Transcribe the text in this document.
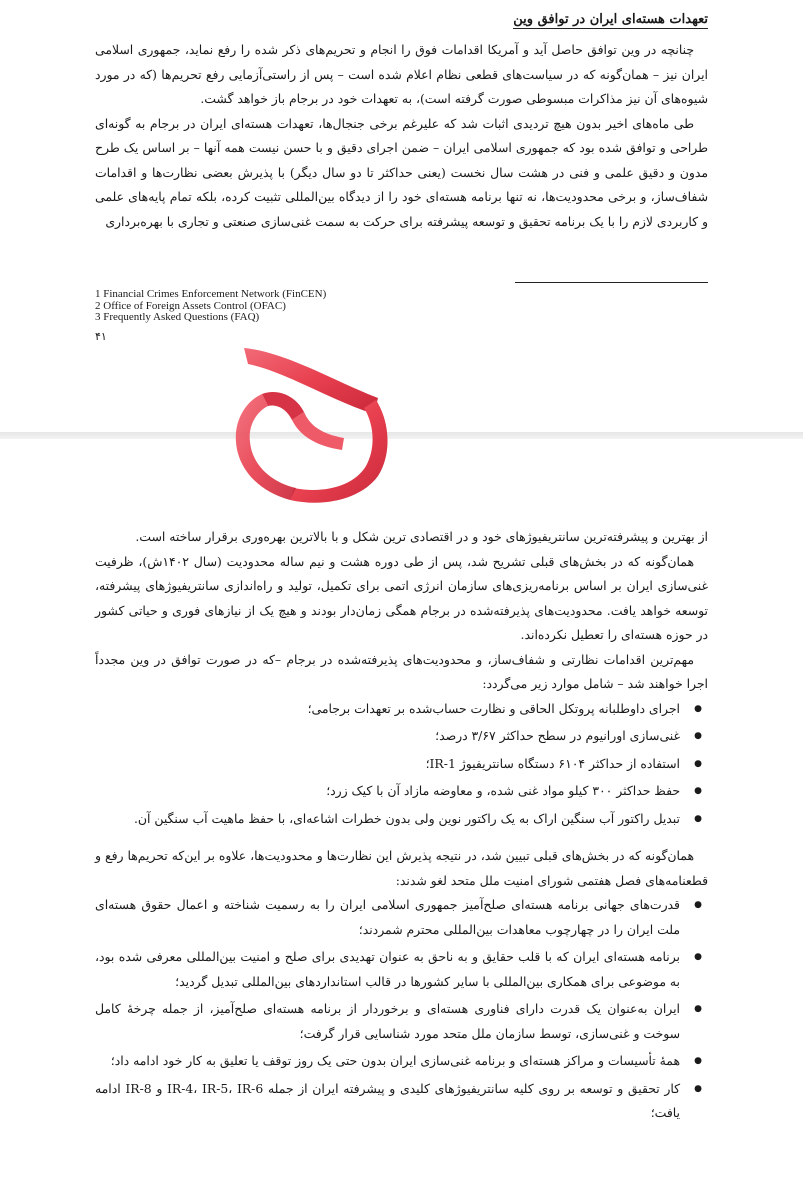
تعهدات هسته‌ای ایران در توافق وین

چنانچه در وین توافق حاصل آید و آمریکا اقدامات فوق را انجام و تحریم‌های ذکر شده را رفع نماید، جمهوری اسلامی ایران نیز – همان‌گونه که در سیاست‌های قطعی نظام اعلام شده است – پس از راستی‌آزمایی رفع تحریم‌ها (که در مورد شیوه‌های آن نیز مذاکرات مبسوطی صورت گرفته است)، به تعهدات خود در برجام باز خواهد گشت.

طی ماه‌های اخیر بدون هیچ تردیدی اثبات شد که علیرغم برخی جنجال‌ها، تعهدات هسته‌ای ایران در برجام به گونه‌ای طراحی و توافق شده بود که جمهوری اسلامی ایران – ضمن اجرای دقیق و با حسن نیست همه آنها – بر اساس یک طرح مدون و دقیق علمی و فنی در هشت سال نخست (یعنی حداکثر تا دو سال دیگر) با پذیرش بعضی نظارت‌ها و اقدامات شفاف‌ساز، و برخی محدودیت‌ها، نه تنها برنامه هسته‌ای خود را از دیدگاه بین‌المللی تثبیت کرده، بلکه تمام پایه‌های علمی و کاربردی لازم را با یک برنامه تحقیق و توسعه پیشرفته برای حرکت به سمت غنی‌سازی صنعتی و تجاری با بهره‌برداری

1 Financial Crimes Enforcement Network (FinCEN)
2 Office of Foreign Assets Control (OFAC)
3 Frequently Asked Questions (FAQ)
۴۱

از بهترین و پیشرفته‌ترین سانتریفیوژهای خود و در اقتصادی ترین شکل و با بالاترین بهره‌وری برقرار ساخته است.

همان‌گونه که در بخش‌های قبلی تشریح شد، پس از طی دوره هشت و نیم ساله محدودیت (سال ۱۴۰۲ش)، ظرفیت غنی‌سازی ایران بر اساس برنامه‌ریزی‌های سازمان انرژی اتمی برای تکمیل، تولید و راه‌اندازی سانتریفیوژهای پیشرفته، توسعه خواهد یافت. محدودیت‌های پذیرفته‌شده در برجام همگی زمان‌دار بودند و هیچ یک از نیازهای فوری و حیاتی کشور در حوزه هسته‌ای را تعطیل نکرده‌اند.

مهم‌ترین اقدامات نظارتی و شفاف‌ساز، و محدودیت‌های پذیرفته‌شده در برجام –که در صورت توافق در وین مجدداً اجرا خواهند شد – شامل موارد زیر می‌گردد:

● اجرای داوطلبانه پروتکل الحاقی و نظارت حساب‌شده بر تعهدات برجامی؛
● غنی‌سازی اورانیوم در سطح حداکثر ۳/۶۷ درصد؛
● استفاده از حداکثر ۶۱۰۴ دستگاه سانتریفیوژ IR-1؛
● حفظ حداکثر ۳۰۰ کیلو مواد غنی شده، و معاوضه مازاد آن با کیک زرد؛
● تبدیل راکتور آب سنگین اراک به یک راکتور نوین ولی بدون خطرات اشاعه‌ای، با حفظ ماهیت آب سنگین آن.

همان‌گونه که در بخش‌های قبلی تبیین شد، در نتیجه پذیرش این نظارت‌ها و محدودیت‌ها، علاوه بر این‌که تحریم‌ها رفع و قطعنامه‌های فصل هفتمی شورای امنیت ملل متحد لغو شدند:

● قدرت‌های جهانی برنامه هسته‌ای صلح‌آمیز جمهوری اسلامی ایران را به رسمیت شناخته و اعمال حقوق هسته‌ای ملت ایران را در چهارچوب معاهدات بین‌المللی محترم شمردند؛
● برنامه هسته‌ای ایران که با قلب حقایق و به ناحق به عنوان تهدیدی برای صلح و امنیت بین‌المللی معرفی شده بود، به موضوعی برای همکاری بین‌المللی با سایر کشورها در قالب استانداردهای بین‌المللی تبدیل گردید؛
● ایران به‌عنوان یک قدرت دارای فناوری هسته‌ای و برخوردار از برنامه هسته‌ای صلح‌آمیز، از جمله چرخهٔ کامل سوخت و غنی‌سازی، توسط سازمان ملل متحد مورد شناسایی قرار گرفت؛
● همهٔ تأسیسات و مراکز هسته‌ای و برنامه غنی‌سازی ایران بدون حتی یک روز توقف یا تعلیق به کار خود ادامه داد؛
● کار تحقیق و توسعه بر روی کلیه سانتریفیوژهای کلیدی و پیشرفته ایران از جمله IR-4، IR-5، IR-6 و IR-8 ادامه یافت؛
